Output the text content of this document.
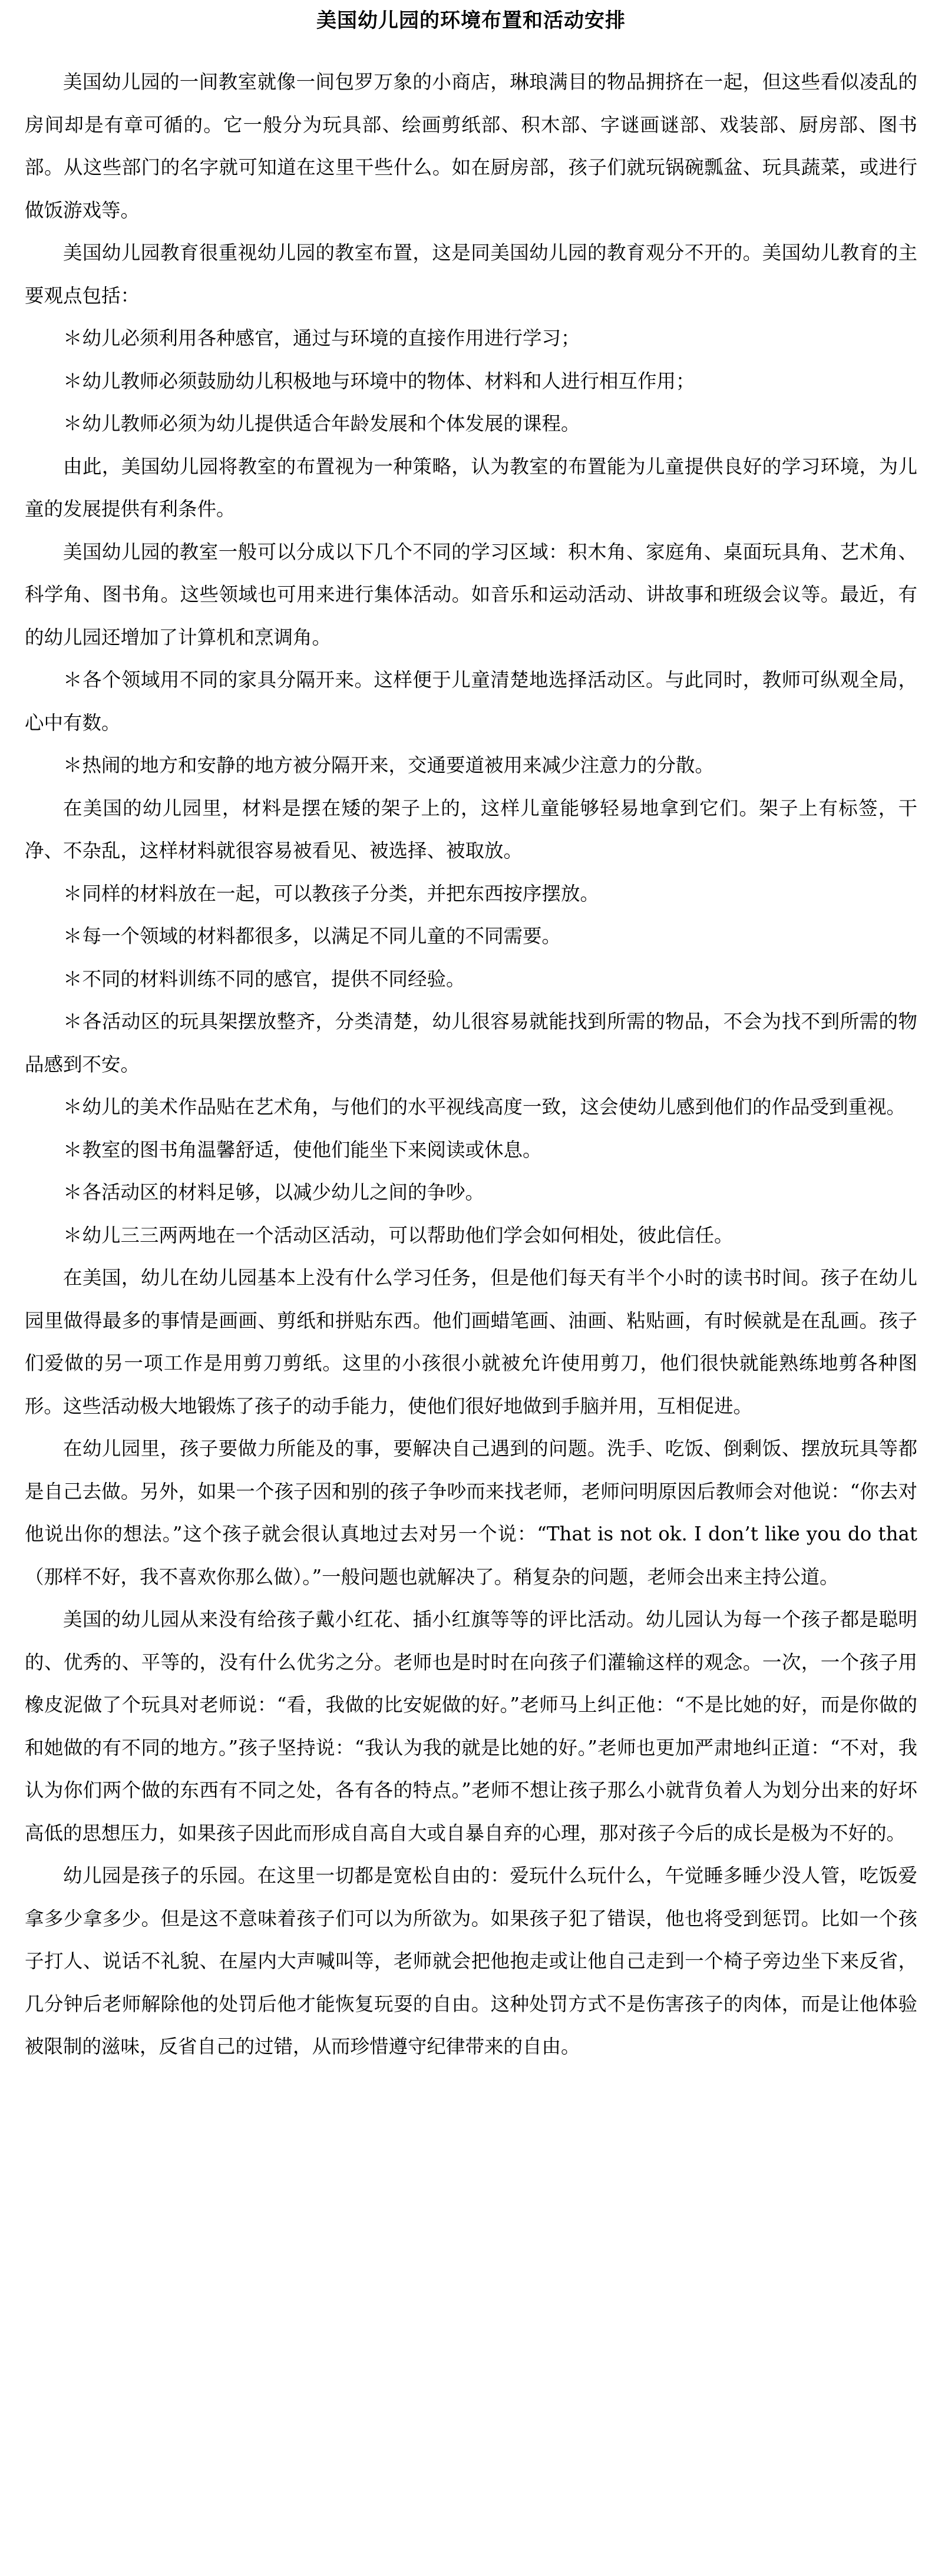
美国幼儿园的环境布置和活动安排

美国幼儿园的一间教室就像一间包罗万象的小商店，琳琅满目的物品拥挤在一起，但这些看似凌乱的房间却是有章可循的。它一般分为玩具部、绘画剪纸部、积木部、字谜画谜部、戏装部、厨房部、图书部。从这些部门的名字就可知道在这里干些什么。如在厨房部，孩子们就玩锅碗瓢盆、玩具蔬菜，或进行做饭游戏等。

美国幼儿园教育很重视幼儿园的教室布置，这是同美国幼儿园的教育观分不开的。美国幼儿教育的主要观点包括：

＊幼儿必须利用各种感官，通过与环境的直接作用进行学习；

＊幼儿教师必须鼓励幼儿积极地与环境中的物体、材料和人进行相互作用；

＊幼儿教师必须为幼儿提供适合年龄发展和个体发展的课程。

由此，美国幼儿园将教室的布置视为一种策略，认为教室的布置能为儿童提供良好的学习环境，为儿童的发展提供有利条件。

美国幼儿园的教室一般可以分成以下几个不同的学习区域：积木角、家庭角、桌面玩具角、艺术角、科学角、图书角。这些领域也可用来进行集体活动。如音乐和运动活动、讲故事和班级会议等。最近，有的幼儿园还增加了计算机和烹调角。

＊各个领域用不同的家具分隔开来。这样便于儿童清楚地选择活动区。与此同时，教师可纵观全局，心中有数。

＊热闹的地方和安静的地方被分隔开来，交通要道被用来减少注意力的分散。

在美国的幼儿园里，材料是摆在矮的架子上的，这样儿童能够轻易地拿到它们。架子上有标签，干净、不杂乱，这样材料就很容易被看见、被选择、被取放。

＊同样的材料放在一起，可以教孩子分类，并把东西按序摆放。

＊每一个领域的材料都很多，以满足不同儿童的不同需要。

＊不同的材料训练不同的感官，提供不同经验。

＊各活动区的玩具架摆放整齐，分类清楚，幼儿很容易就能找到所需的物品，不会为找不到所需的物品感到不安。

＊幼儿的美术作品贴在艺术角，与他们的水平视线高度一致，这会使幼儿感到他们的作品受到重视。

＊教室的图书角温馨舒适，使他们能坐下来阅读或休息。

＊各活动区的材料足够，以减少幼儿之间的争吵。

＊幼儿三三两两地在一个活动区活动，可以帮助他们学会如何相处，彼此信任。

在美国，幼儿在幼儿园基本上没有什么学习任务，但是他们每天有半个小时的读书时间。孩子在幼儿园里做得最多的事情是画画、剪纸和拼贴东西。他们画蜡笔画、油画、粘贴画，有时候就是在乱画。孩子们爱做的另一项工作是用剪刀剪纸。这里的小孩很小就被允许使用剪刀，他们很快就能熟练地剪各种图形。这些活动极大地锻炼了孩子的动手能力，使他们很好地做到手脑并用，互相促进。

在幼儿园里，孩子要做力所能及的事，要解决自己遇到的问题。洗手、吃饭、倒剩饭、摆放玩具等都是自己去做。另外，如果一个孩子因和别的孩子争吵而来找老师，老师问明原因后教师会对他说：“你去对他说出你的想法。”这个孩子就会很认真地过去对另一个说：“That is not ok. I don’t like you do that（那样不好，我不喜欢你那么做）。”一般问题也就解决了。稍复杂的问题，老师会出来主持公道。

美国的幼儿园从来没有给孩子戴小红花、插小红旗等等的评比活动。幼儿园认为每一个孩子都是聪明的、优秀的、平等的，没有什么优劣之分。老师也是时时在向孩子们灌输这样的观念。一次，一个孩子用橡皮泥做了个玩具对老师说：“看，我做的比安妮做的好。”老师马上纠正他：“不是比她的好，而是你做的和她做的有不同的地方。”孩子坚持说：“我认为我的就是比她的好。”老师也更加严肃地纠正道：“不对，我认为你们两个做的东西有不同之处，各有各的特点。”老师不想让孩子那么小就背负着人为划分出来的好坏高低的思想压力，如果孩子因此而形成自高自大或自暴自弃的心理，那对孩子今后的成长是极为不好的。

幼儿园是孩子的乐园。在这里一切都是宽松自由的：爱玩什么玩什么，午觉睡多睡少没人管，吃饭爱拿多少拿多少。但是这不意味着孩子们可以为所欲为。如果孩子犯了错误，他也将受到惩罚。比如一个孩子打人、说话不礼貌、在屋内大声喊叫等，老师就会把他抱走或让他自己走到一个椅子旁边坐下来反省，几分钟后老师解除他的处罚后他才能恢复玩耍的自由。这种处罚方式不是伤害孩子的肉体，而是让他体验被限制的滋味，反省自己的过错，从而珍惜遵守纪律带来的自由。
